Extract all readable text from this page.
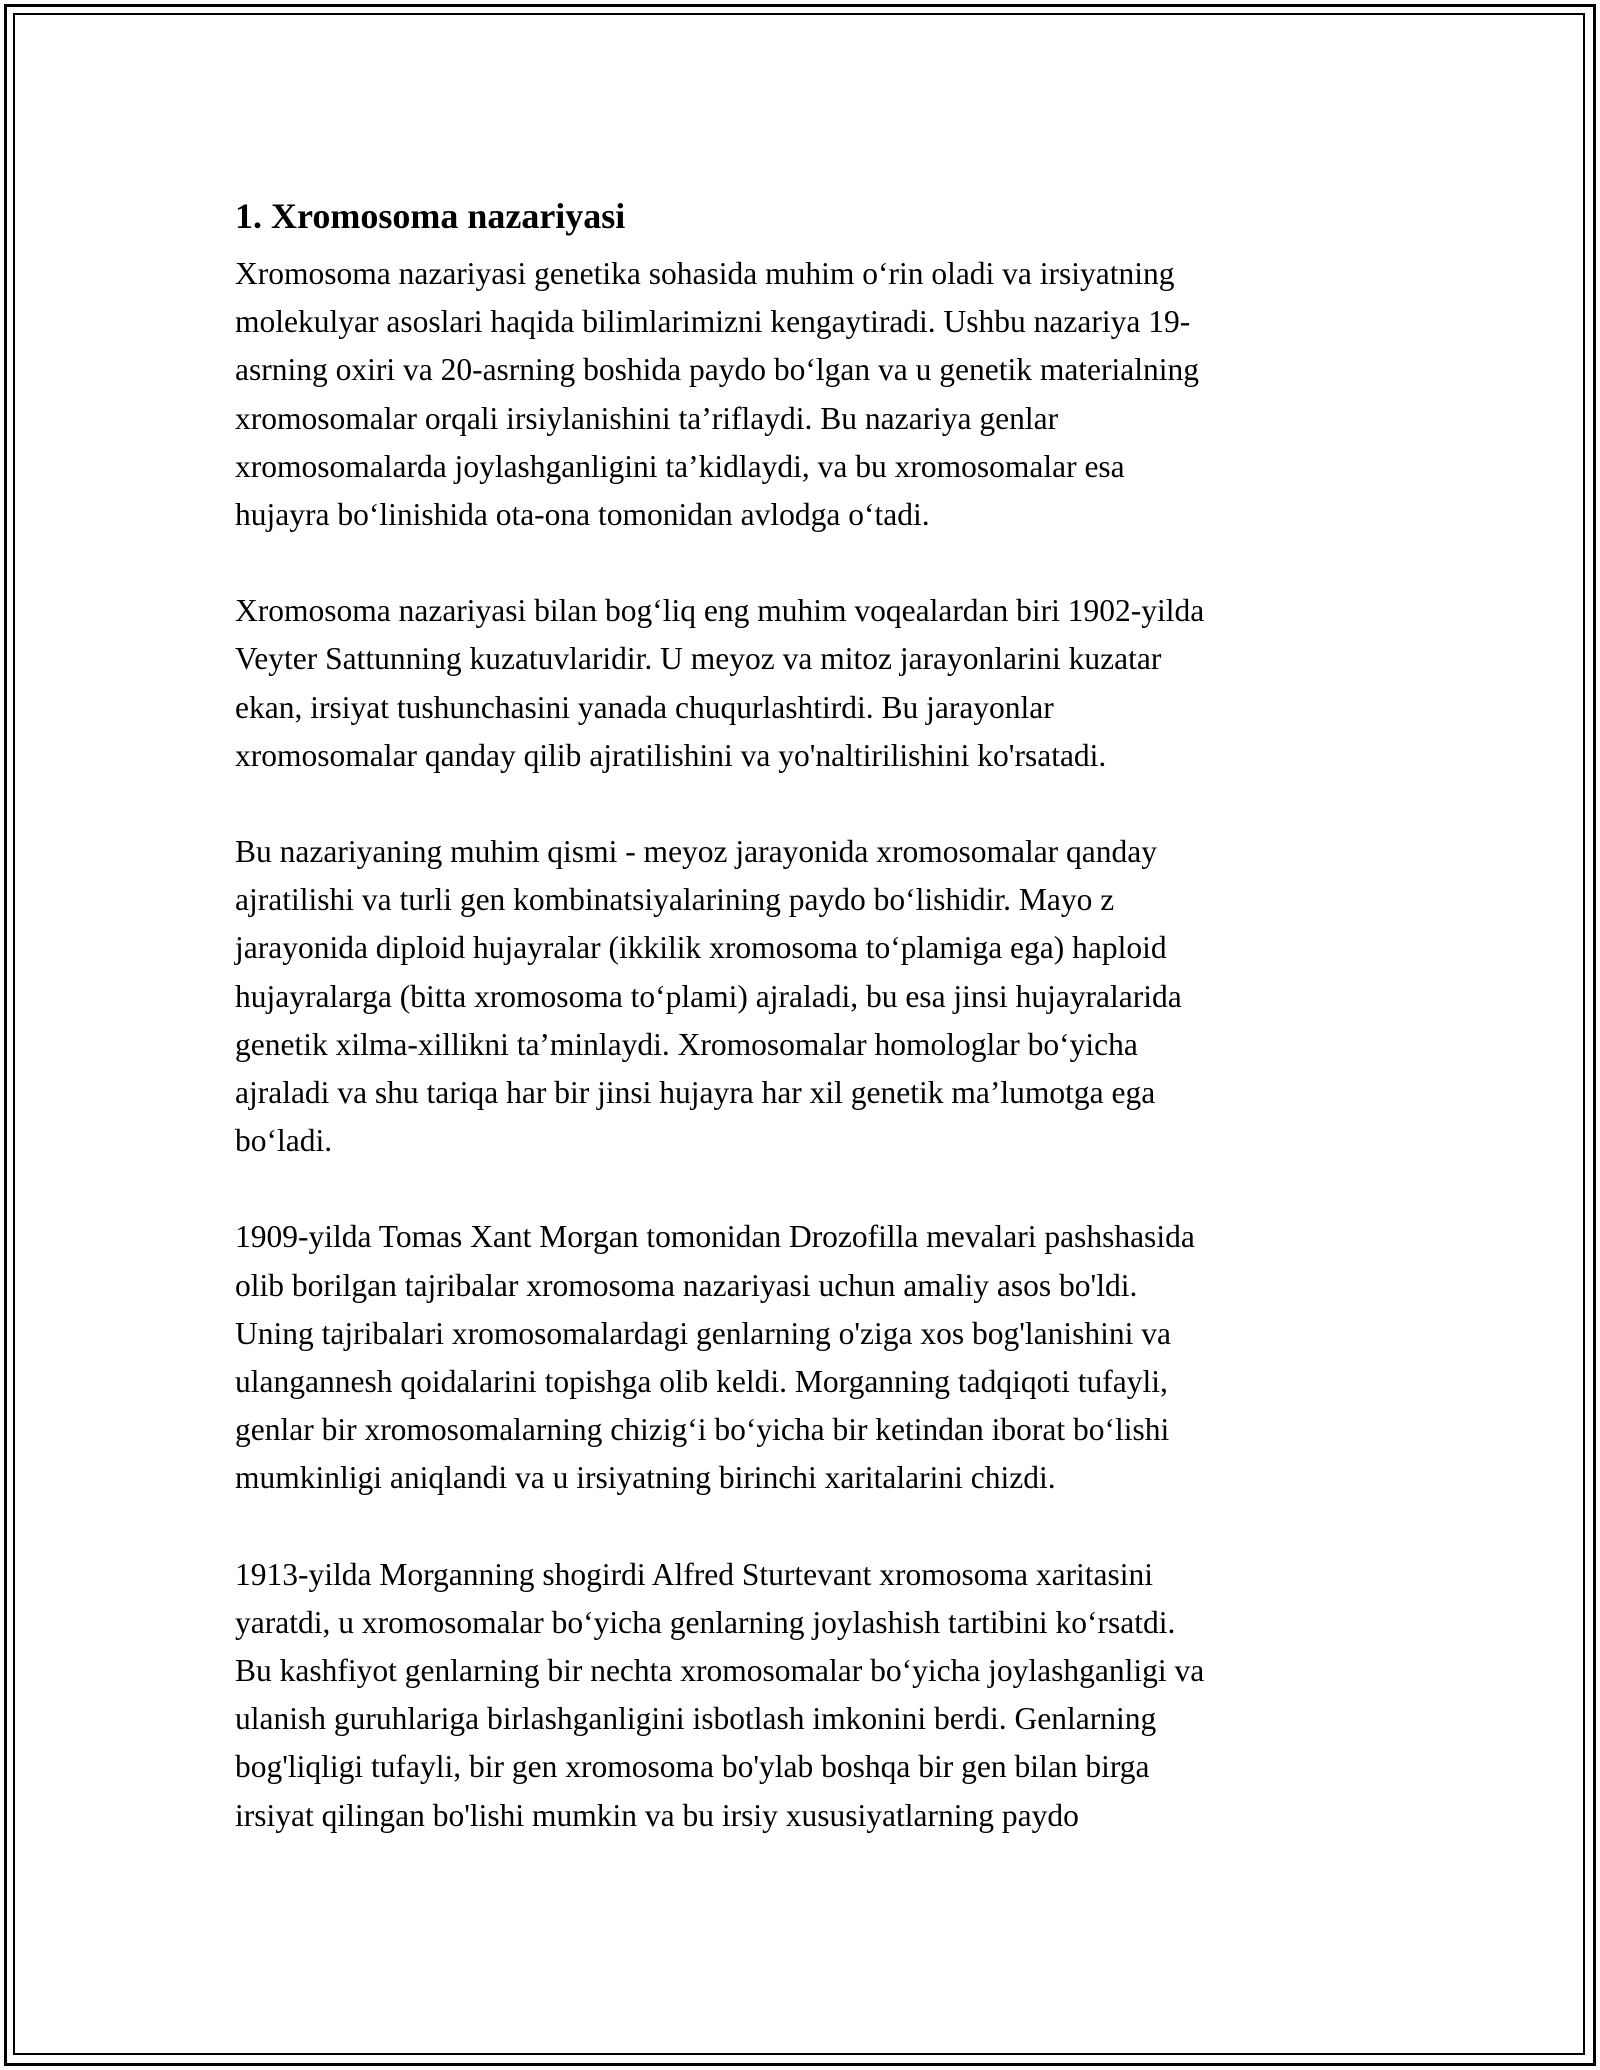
1. Xromosoma nazariyasi

Xromosoma nazariyasi genetika sohasida muhim o‘rin oladi va irsiyatning
molekulyar asoslari haqida bilimlarimizni kengaytiradi. Ushbu nazariya 19-
asrning oxiri va 20-asrning boshida paydo bo‘lgan va u genetik materialning
xromosomalar orqali irsiylanishini ta’riflaydi. Bu nazariya genlar
xromosomalarda joylashganligini ta’kidlaydi, va bu xromosomalar esa
hujayra bo‘linishida ota-ona tomonidan avlodga o‘tadi.

Xromosoma nazariyasi bilan bog‘liq eng muhim voqealardan biri 1902-yilda
Veyter Sattunning kuzatuvlaridir. U meyoz va mitoz jarayonlarini kuzatar
ekan, irsiyat tushunchasini yanada chuqurlashtirdi. Bu jarayonlar
xromosomalar qanday qilib ajratilishini va yo'naltirilishini ko'rsatadi.

Bu nazariyaning muhim qismi - meyoz jarayonida xromosomalar qanday
ajratilishi va turli gen kombinatsiyalarining paydo bo‘lishidir. Mayo z
jarayonida diploid hujayralar (ikkilik xromosoma to‘plamiga ega) haploid
hujayralarga (bitta xromosoma to‘plami) ajraladi, bu esa jinsi hujayralarida
genetik xilma-xillikni ta’minlaydi. Xromosomalar homologlar bo‘yicha
ajraladi va shu tariqa har bir jinsi hujayra har xil genetik ma’lumotga ega
bo‘ladi.

1909-yilda Tomas Xant Morgan tomonidan Drozofilla mevalari pashshasida
olib borilgan tajribalar xromosoma nazariyasi uchun amaliy asos bo'ldi.
Uning tajribalari xromosomalardagi genlarning o'ziga xos bog'lanishini va
ulangannesh qoidalarini topishga olib keldi. Morganning tadqiqoti tufayli,
genlar bir xromosomalarning chizig‘i bo‘yicha bir ketindan iborat bo‘lishi
mumkinligi aniqlandi va u irsiyatning birinchi xaritalarini chizdi.

1913-yilda Morganning shogirdi Alfred Sturtevant xromosoma xaritasini
yaratdi, u xromosomalar bo‘yicha genlarning joylashish tartibini ko‘rsatdi.
Bu kashfiyot genlarning bir nechta xromosomalar bo‘yicha joylashganligi va
ulanish guruhlariga birlashganligini isbotlash imkonini berdi. Genlarning
bog'liqligi tufayli, bir gen xromosoma bo'ylab boshqa bir gen bilan birga
irsiyat qilingan bo'lishi mumkin va bu irsiy xususiyatlarning paydo
